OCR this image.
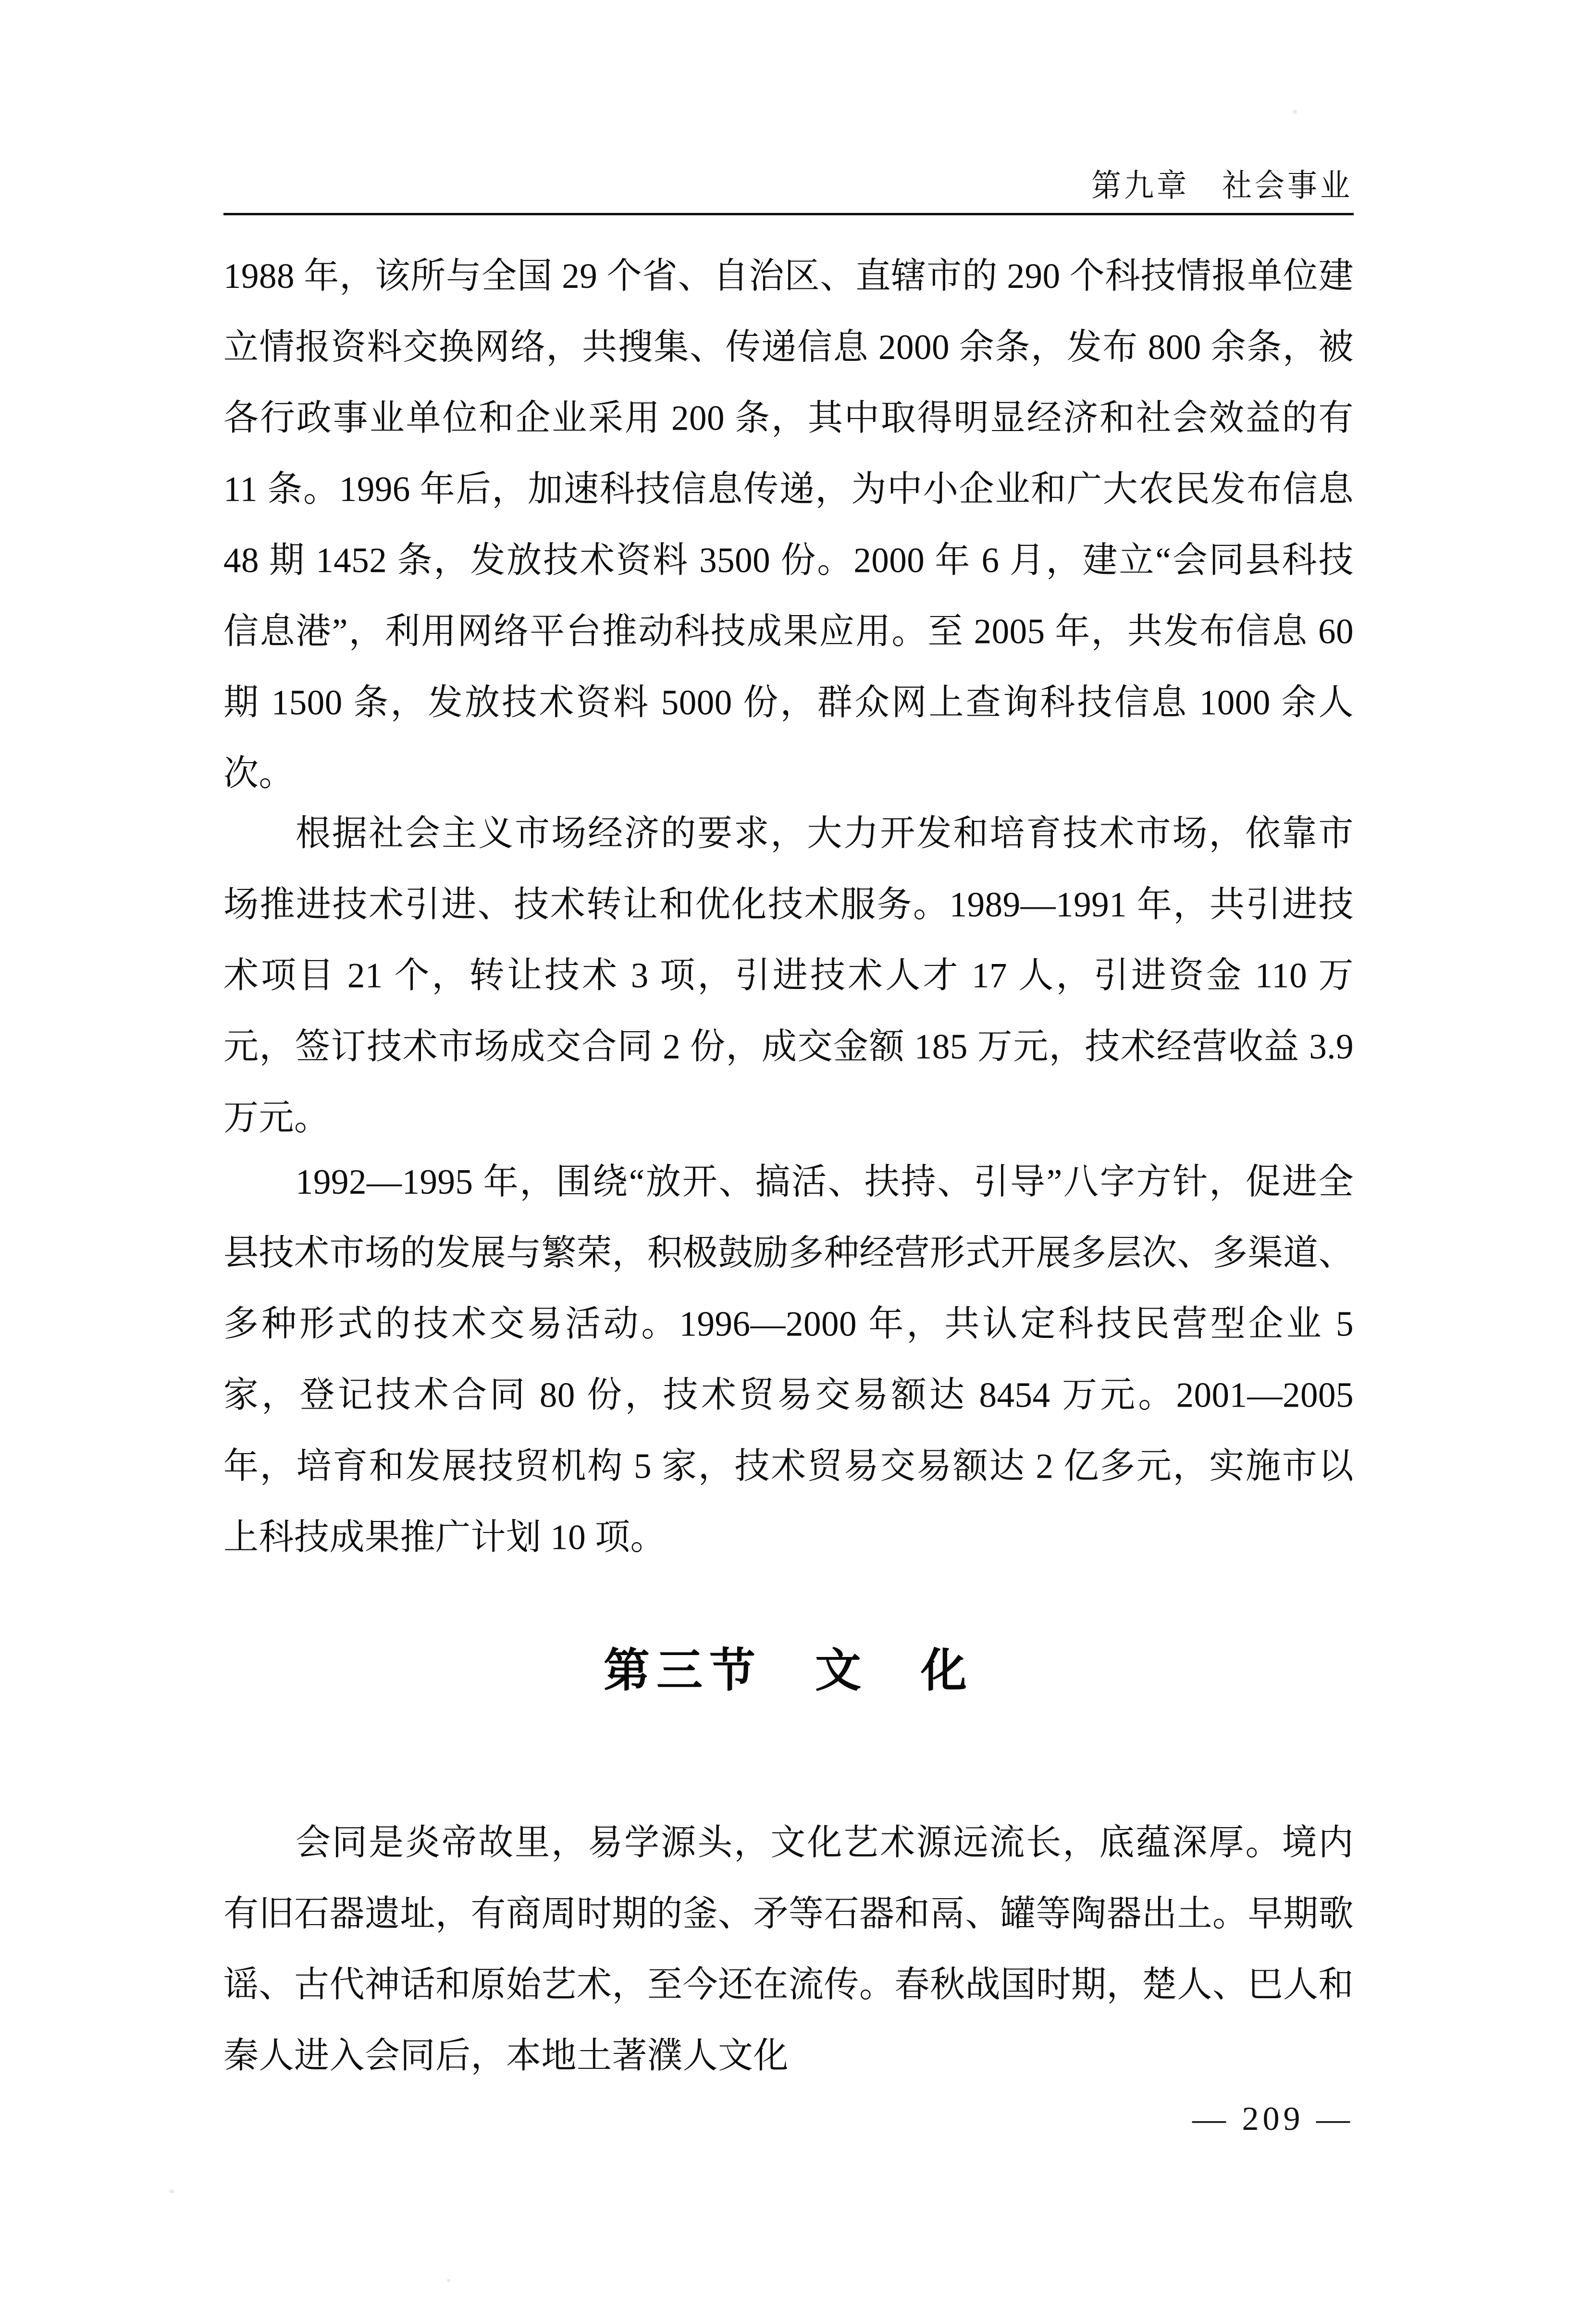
第九章　社会事业

1988 年，该所与全国 29 个省、自治区、直辖市的 290 个科技情报单位建立情报资料交换网络，共搜集、传递信息 2000 余条，发布 800 余条，被各行政事业单位和企业采用 200 条，其中取得明显经济和社会效益的有 11 条。1996 年后，加速科技信息传递，为中小企业和广大农民发布信息 48 期 1452 条，发放技术资料 3500 份。2000 年 6 月，建立“会同县科技信息港”，利用网络平台推动科技成果应用。至 2005 年，共发布信息 60 期 1500 条，发放技术资料 5000 份，群众网上查询科技信息 1000 余人次。

根据社会主义市场经济的要求，大力开发和培育技术市场，依靠市场推进技术引进、技术转让和优化技术服务。1989—1991 年，共引进技术项目 21 个，转让技术 3 项，引进技术人才 17 人，引进资金 110 万元，签订技术市场成交合同 2 份，成交金额 185 万元，技术经营收益 3.9 万元。

1992—1995 年，围绕“放开、搞活、扶持、引导”八字方针，促进全县技术市场的发展与繁荣，积极鼓励多种经营形式开展多层次、多渠道、多种形式的技术交易活动。1996—2000 年，共认定科技民营型企业 5 家，登记技术合同 80 份，技术贸易交易额达 8454 万元。2001—2005 年，培育和发展技贸机构 5 家，技术贸易交易额达 2 亿多元，实施市以上科技成果推广计划 10 项。

第三节　文　化

会同是炎帝故里，易学源头，文化艺术源远流长，底蕴深厚。境内有旧石器遗址，有商周时期的釜、矛等石器和鬲、罐等陶器出土。早期歌谣、古代神话和原始艺术，至今还在流传。春秋战国时期，楚人、巴人和秦人进入会同后，本地土著濮人文化

— 209 —
